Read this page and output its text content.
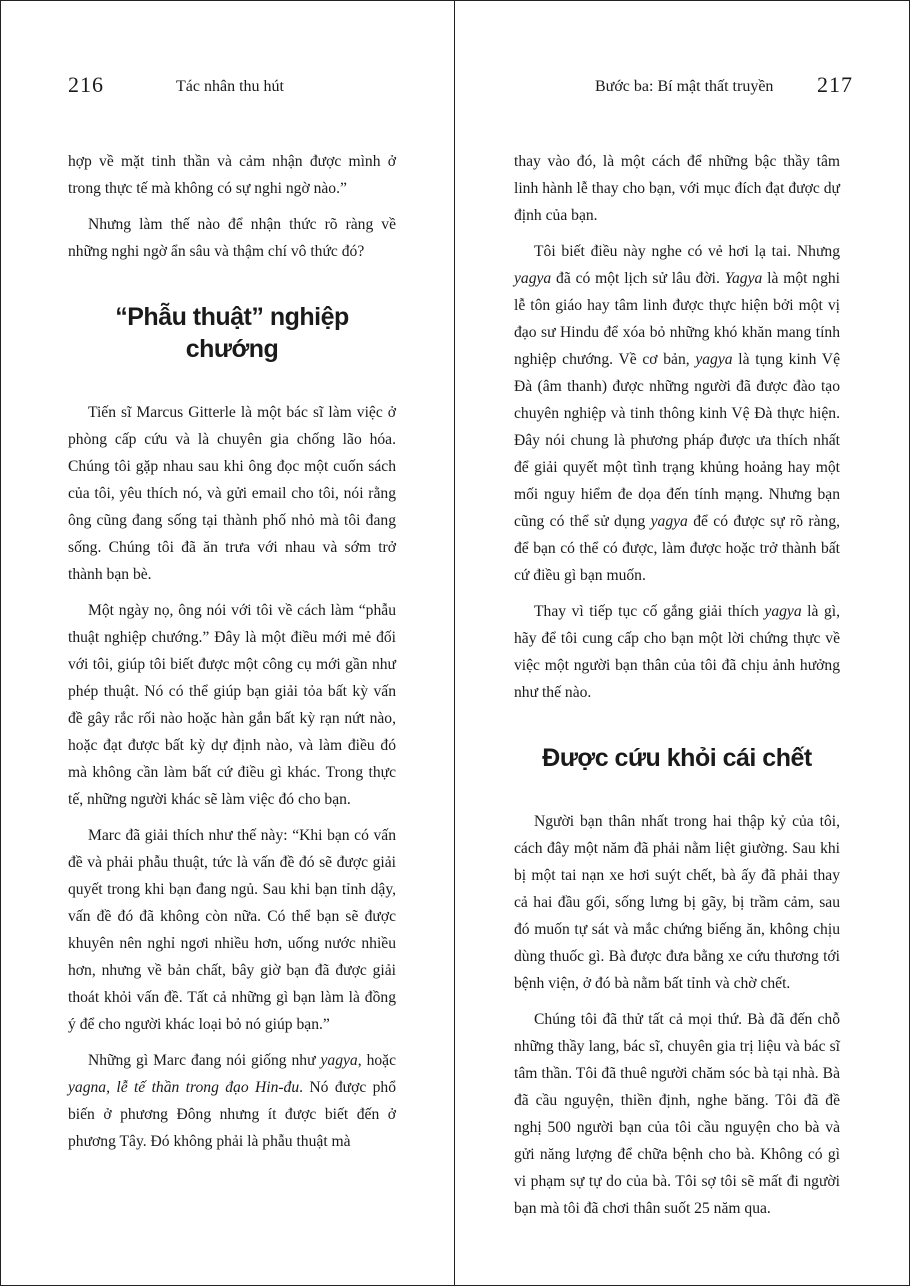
216	Tác nhân thu hút

hợp về mặt tinh thần và cảm nhận được mình ở trong thực tế mà không có sự nghi ngờ nào.”

Nhưng làm thế nào để nhận thức rõ ràng về những nghi ngờ ẩn sâu và thậm chí vô thức đó?

“Phẫu thuật” nghiệp chướng

Tiến sĩ Marcus Gitterle là một bác sĩ làm việc ở phòng cấp cứu và là chuyên gia chống lão hóa. Chúng tôi gặp nhau sau khi ông đọc một cuốn sách của tôi, yêu thích nó, và gửi email cho tôi, nói rằng ông cũng đang sống tại thành phố nhỏ mà tôi đang sống. Chúng tôi đã ăn trưa với nhau và sớm trở thành bạn bè.

Một ngày nọ, ông nói với tôi về cách làm “phẫu thuật nghiệp chướng.” Đây là một điều mới mẻ đối với tôi, giúp tôi biết được một công cụ mới gần như phép thuật. Nó có thể giúp bạn giải tỏa bất kỳ vấn đề gây rắc rối nào hoặc hàn gắn bất kỳ rạn nứt nào, hoặc đạt được bất kỳ dự định nào, và làm điều đó mà không cần làm bất cứ điều gì khác. Trong thực tế, những người khác sẽ làm việc đó cho bạn.

Marc đã giải thích như thế này: “Khi bạn có vấn đề và phải phẫu thuật, tức là vấn đề đó sẽ được giải quyết trong khi bạn đang ngủ. Sau khi bạn tỉnh dậy, vấn đề đó đã không còn nữa. Có thể bạn sẽ được khuyên nên nghỉ ngơi nhiều hơn, uống nước nhiều hơn, nhưng về bản chất, bây giờ bạn đã được giải thoát khỏi vấn đề. Tất cả những gì bạn làm là đồng ý để cho người khác loại bỏ nó giúp bạn.”

Những gì Marc đang nói giống như yagya, hoặc yagna, lễ tế thần trong đạo Hin-đu. Nó được phổ biến ở phương Đông nhưng ít được biết đến ở phương Tây. Đó không phải là phẫu thuật mà

Bước ba: Bí mật thất truyền 217

thay vào đó, là một cách để những bậc thầy tâm linh hành lễ thay cho bạn, với mục đích đạt được dự định của bạn.

Tôi biết điều này nghe có vẻ hơi lạ tai. Nhưng yagya đã có một lịch sử lâu đời. Yagya là một nghi lễ tôn giáo hay tâm linh được thực hiện bởi một vị đạo sư Hindu để xóa bỏ những khó khăn mang tính nghiệp chướng. Về cơ bản, yagya là tụng kinh Vệ Đà (âm thanh) được những người đã được đào tạo chuyên nghiệp và tinh thông kinh Vệ Đà thực hiện. Đây nói chung là phương pháp được ưa thích nhất để giải quyết một tình trạng khủng hoảng hay một mối nguy hiểm đe dọa đến tính mạng. Nhưng bạn cũng có thể sử dụng yagya để có được sự rõ ràng, để bạn có thể có được, làm được hoặc trở thành bất cứ điều gì bạn muốn.

Thay vì tiếp tục cố gắng giải thích yagya là gì, hãy để tôi cung cấp cho bạn một lời chứng thực về việc một người bạn thân của tôi đã chịu ảnh hưởng như thế nào.

Được cứu khỏi cái chết

Người bạn thân nhất trong hai thập kỷ của tôi, cách đây một năm đã phải nằm liệt giường. Sau khi bị một tai nạn xe hơi suýt chết, bà ấy đã phải thay cả hai đầu gối, sống lưng bị gãy, bị trầm cảm, sau đó muốn tự sát và mắc chứng biếng ăn, không chịu dùng thuốc gì. Bà được đưa bằng xe cứu thương tới bệnh viện, ở đó bà nằm bất tỉnh và chờ chết.

Chúng tôi đã thử tất cả mọi thứ. Bà đã đến chỗ những thầy lang, bác sĩ, chuyên gia trị liệu và bác sĩ tâm thần. Tôi đã thuê người chăm sóc bà tại nhà. Bà đã cầu nguyện, thiền định, nghe băng. Tôi đã đề nghị 500 người bạn của tôi cầu nguyện cho bà và gửi năng lượng để chữa bệnh cho bà. Không có gì vi phạm sự tự do của bà. Tôi sợ tôi sẽ mất đi người bạn mà tôi đã chơi thân suốt 25 năm qua.
